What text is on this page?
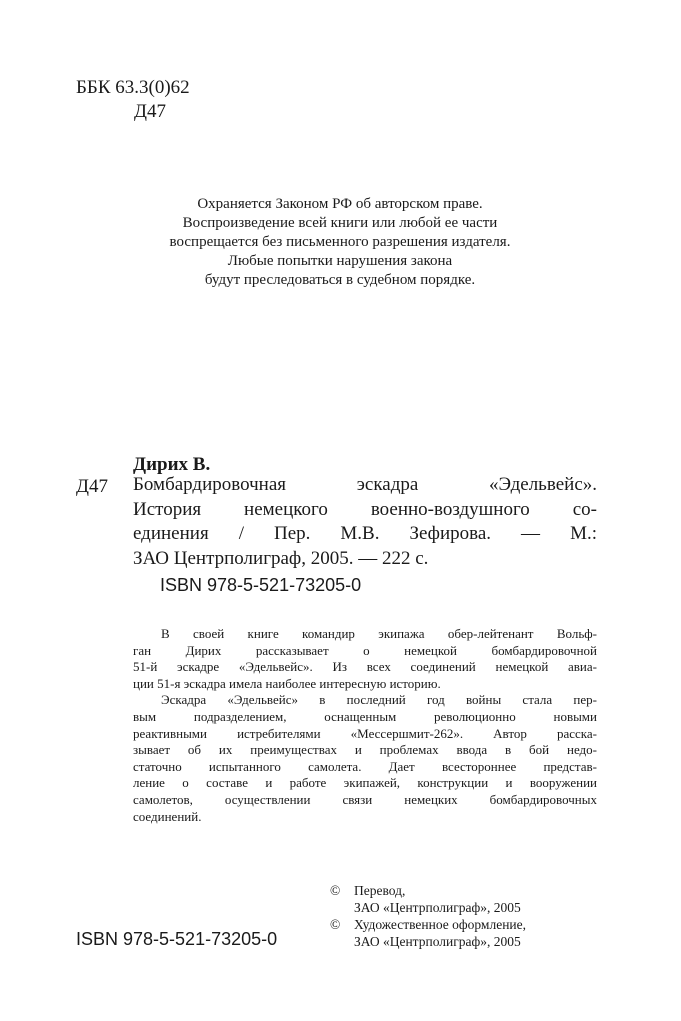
ББК 63.3(0)62
Д47
Охраняется Законом РФ об авторском праве.
Воспроизведение всей книги или любой ее части
воспрещается без письменного разрешения издателя.
Любые попытки нарушения закона
будут преследоваться в судебном порядке.
Дирих В.
Д47 Бомбардировочная эскадра «Эдельвейс».
История немецкого военно-воздушного со-
единения / Пер. М.В. Зефирова. — М.:
ЗАО Центрполиграф, 2005. — 222 с.
ISBN 978-5-521-73205-0
В своей книге командир экипажа обер-лейтенант Вольф-
ган Дирих рассказывает о немецкой бомбардировочной
51-й эскадре «Эдельвейс». Из всех соединений немецкой авиа-
ции 51-я эскадра имела наиболее интересную историю.
Эскадра «Эдельвейс» в последний год войны стала пер-
вым подразделением, оснащенным революционно новыми
реактивными истребителями «Мессершмит-262». Автор расска-
зывает об их преимуществах и проблемах ввода в бой недо-
статочно испытанного самолета. Дает всестороннее представ-
ление о составе и работе экипажей, конструкции и вооружении
самолетов, осуществлении связи немецких бомбардировочных
соединений.
ISBN 978-5-521-73205-0
© Перевод,
ЗАО «Центрполиграф», 2005
© Художественное оформление,
ЗАО «Центрполиграф», 2005
